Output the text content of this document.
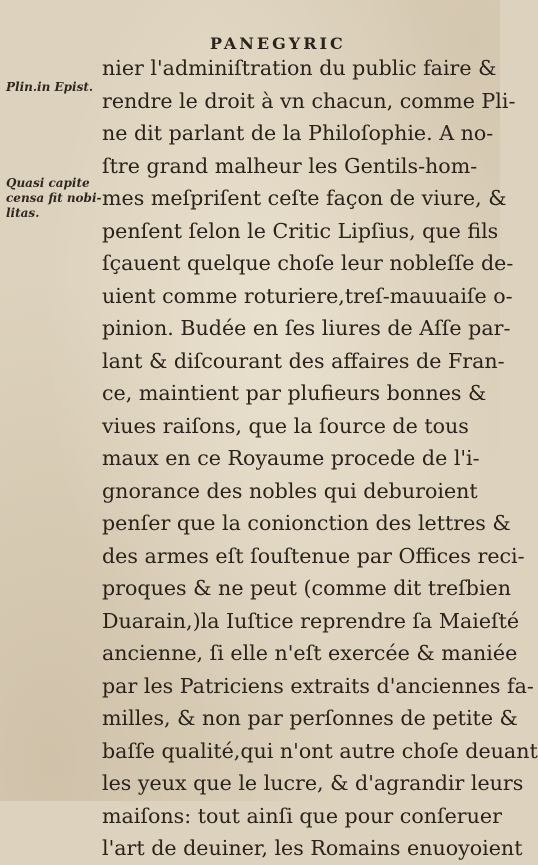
PANEGYRIC
Plin.in Epist.
Quasi capite
censa fit nobi-
litas.
nier l'adminiſtration du public faire &
rendre le droit à vn chacun, comme Pli-
ne dit parlant de la Philoſophie. A no-
ſtre grand malheur les Gentils-hom-
mes meſpriſent ceſte façon de viure, &
penſent ſelon le Critic Lipſius, que fils
ſçauent quelque choſe leur nobleſſe de-
uient comme roturiere,treſ-mauuaiſe o-
pinion. Budée en ſes liures de Aſſe par-
lant & diſcourant des affaires de Fran-
ce, maintient par plufieurs bonnes &
viues raiſons, que la ſource de tous
maux en ce Royaume procede de l'i-
gnorance des nobles qui deburoient
penſer que la conionction des lettres &
des armes eſt ſouſtenue par Offices reci-
proques & ne peut (comme dit treſbien
Duarain,)la Iuſtice reprendre ſa Maieſté
ancienne, ſi elle n'eſt exercée & maniée
par les Patriciens extraits d'anciennes fa-
milles, & non par perſonnes de petite &
baſſe qualité,qui n'ont autre choſe deuant
les yeux que le lucre, & d'agrandir leurs
maiſons: tout ainſi que pour conſeruer
l'art de deuiner, les Romains enuoyoient
